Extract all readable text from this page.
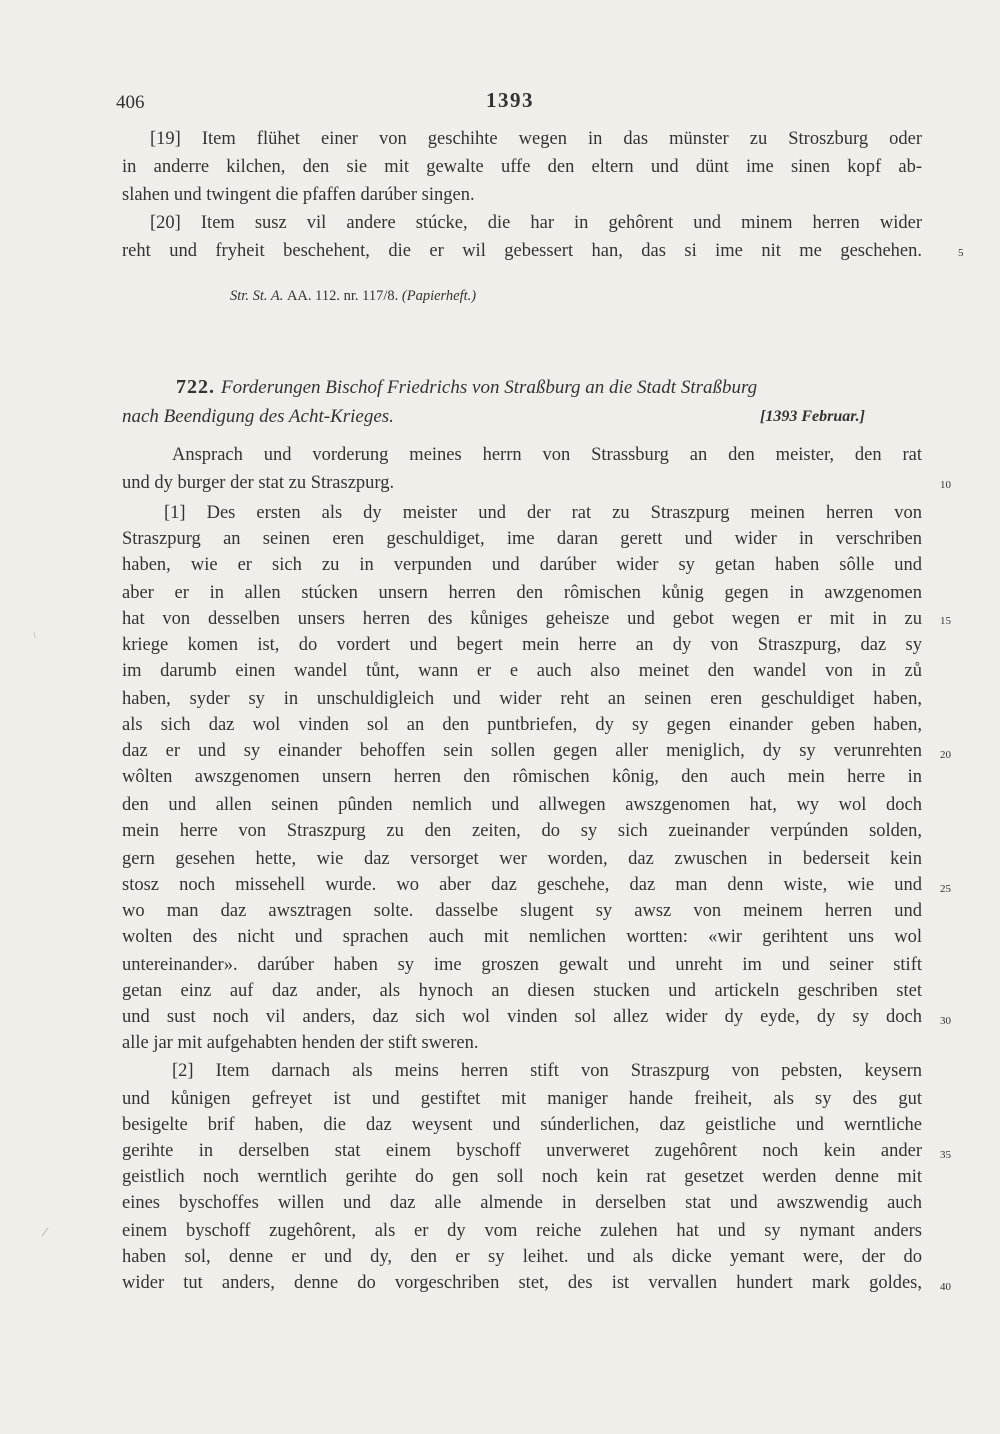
406	1393
[19] Item flühet einer von geschihte wegen in das münster zu Stroszburg oder
in anderre kilchen, den sie mit gewalte uffe den eltern und dünt ime sinen kopf ab-
slahen und twingent die pfaffen darúber singen.
[20] Item susz vil andere stúcke, die har in gehôrent und minem herren wider
reht und fryheit beschehent, die er wil gebessert han, das si ime nit me geschehen.
Str. St. A. AA. 112. nr. 117/8. (Papierheft.)
722. Forderungen Bischof Friedrichs von Straßburg an die Stadt Straßburg
nach Beendigung des Acht-Krieges.	[1393 Februar.]
Ansprach und vorderung meines herrn von Strassburg an den meister, den rat
und dy burger der stat zu Straszpurg.
[1] Des ersten als dy meister und der rat zu Straszpurg meinen herren von
Straszpurg an seinen eren geschuldiget, ime daran gerett und wider in verschriben
haben, wie er sich zu in verpunden und darúber wider sy getan haben sôlle und
aber er in allen stúcken unsern herren den rômischen kůnig gegen in awzgenomen
hat von desselben unsers herren des kůniges geheisze und gebot wegen er mit in zu
kriege komen ist, do vordert und begert mein herre an dy von Straszpurg, daz sy
im darumb einen wandel tůnt, wann er e auch also meinet den wandel von in zů
haben, syder sy in unschuldigleich und wider reht an seinen eren geschuldiget haben,
als sich daz wol vinden sol an den puntbriefen, dy sy gegen einander geben haben,
daz er und sy einander behoffen sein sollen gegen aller meniglich, dy sy verunrehten
wôlten awszgenomen unsern herren den rômischen kônig, den auch mein herre in
den und allen seinen pûnden nemlich und allwegen awszgenomen hat, wy wol doch
mein herre von Straszpurg zu den zeiten, do sy sich zueinander verpúnden solden,
gern gesehen hette, wie daz versorget wer worden, daz zwuschen in bederseit kein
stosz noch missehell wurde. wo aber daz geschehe, daz man denn wiste, wie und
wo man daz awsztragen solte. dasselbe slugent sy awsz von meinem herren und
wolten des nicht und sprachen auch mit nemlichen wortten: «wir gerihtent uns wol
untereinander». darúber haben sy ime groszen gewalt und unreht im und seiner stift
getan einz auf daz ander, als hynoch an diesen stucken und artickeln geschriben stet
und sust noch vil anders, daz sich wol vinden sol allez wider dy eyde, dy sy doch
alle jar mit aufgehabten henden der stift sweren.
[2] Item darnach als meins herren stift von Straszpurg von pebsten, keysern
und kůnigen gefreyet ist und gestiftet mit maniger hande freiheit, als sy des gut
besigelte brif haben, die daz weysent und súnderlichen, daz geistliche und werntliche
gerihte in derselben stat einem byschoff unverweret zugehôrent noch kein ander
geistlich noch werntlich gerihte do gen soll noch kein rat gesetzet werden denne mit
eines byschoffes willen und daz alle almende in derselben stat und awszwendig auch
einem byschoff zugehôrent, als er dy vom reiche zulehen hat und sy nymant anders
haben sol, denne er und dy, den er sy leihet. und als dicke yemant were, der do
wider tut anders, denne do vorgeschriben stet, des ist vervallen hundert mark goldes,
5
10
15
20
25
30
35
40
